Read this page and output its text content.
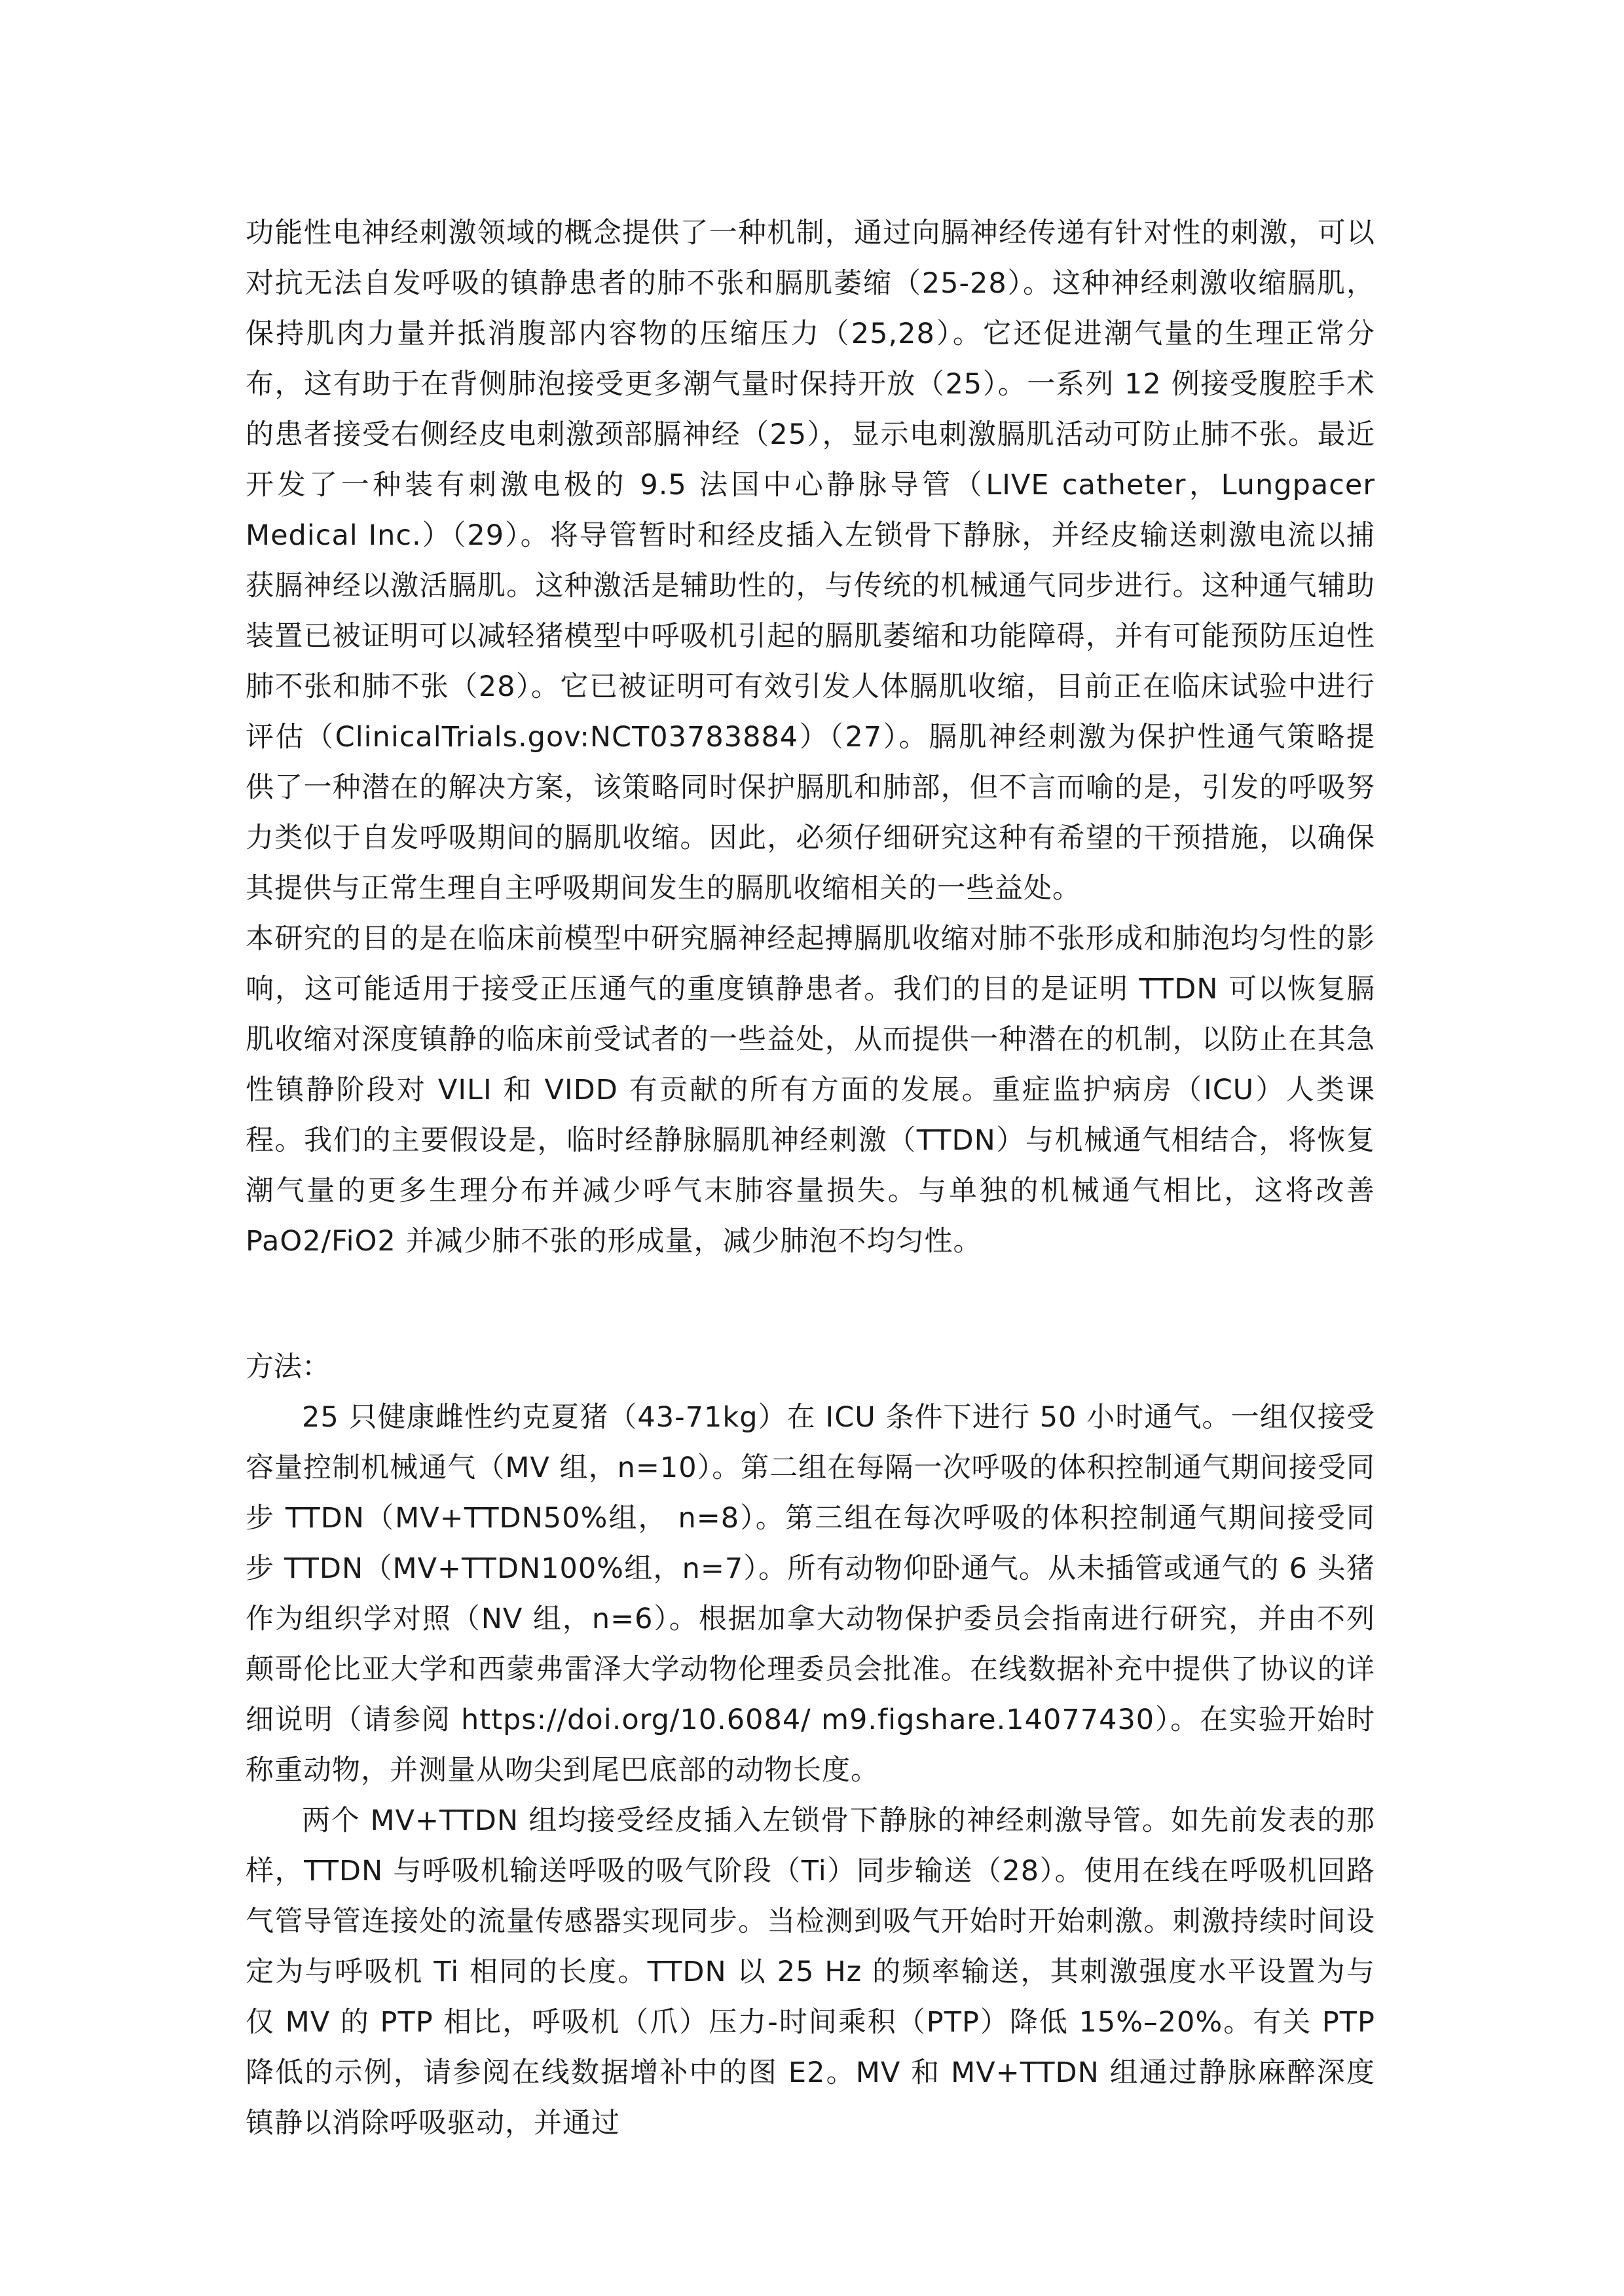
功能性电神经刺激领域的概念提供了一种机制，通过向膈神经传递有针对性的刺激，可以对抗无法自发呼吸的镇静患者的肺不张和膈肌萎缩（25-28）。这种神经刺激收缩膈肌，保持肌肉力量并抵消腹部内容物的压缩压力（25,28）。它还促进潮气量的生理正常分布，这有助于在背侧肺泡接受更多潮气量时保持开放（25）。一系列 12 例接受腹腔手术的患者接受右侧经皮电刺激颈部膈神经（25），显示电刺激膈肌活动可防止肺不张。最近开发了一种装有刺激电极的 9.5 法国中心静脉导管（LIVE catheter，Lungpacer Medical Inc.）（29）。将导管暂时和经皮插入左锁骨下静脉，并经皮输送刺激电流以捕获膈神经以激活膈肌。这种激活是辅助性的，与传统的机械通气同步进行。这种通气辅助装置已被证明可以减轻猪模型中呼吸机引起的膈肌萎缩和功能障碍，并有可能预防压迫性肺不张和肺不张（28）。它已被证明可有效引发人体膈肌收缩，目前正在临床试验中进行评估（ClinicalTrials.gov:NCT03783884）（27）。膈肌神经刺激为保护性通气策略提供了一种潜在的解决方案，该策略同时保护膈肌和肺部，但不言而喻的是，引发的呼吸努力类似于自发呼吸期间的膈肌收缩。因此，必须仔细研究这种有希望的干预措施，以确保其提供与正常生理自主呼吸期间发生的膈肌收缩相关的一些益处。

本研究的目的是在临床前模型中研究膈神经起搏膈肌收缩对肺不张形成和肺泡均匀性的影响，这可能适用于接受正压通气的重度镇静患者。我们的目的是证明 TTDN 可以恢复膈肌收缩对深度镇静的临床前受试者的一些益处，从而提供一种潜在的机制，以防止在其急性镇静阶段对 VILI 和 VIDD 有贡献的所有方面的发展。重症监护病房（ICU）人类课程。我们的主要假设是，临时经静脉膈肌神经刺激（TTDN）与机械通气相结合，将恢复潮气量的更多生理分布并减少呼气末肺容量损失。与单独的机械通气相比，这将改善 PaO2/FiO2 并减少肺不张的形成量，减少肺泡不均匀性。

方法：

25 只健康雌性约克夏猪（43-71kg）在 ICU 条件下进行 50 小时通气。一组仅接受容量控制机械通气（MV 组，n=10）。第二组在每隔一次呼吸的体积控制通气期间接受同步 TTDN（MV+TTDN50%组， n=8）。第三组在每次呼吸的体积控制通气期间接受同步 TTDN（MV+TTDN100%组，n=7）。所有动物仰卧通气。从未插管或通气的 6 头猪作为组织学对照（NV 组，n=6）。根据加拿大动物保护委员会指南进行研究，并由不列颠哥伦比亚大学和西蒙弗雷泽大学动物伦理委员会批准。在线数据补充中提供了协议的详细说明（请参阅 https://doi.org/10.6084/ m9.figshare.14077430）。在实验开始时称重动物，并测量从吻尖到尾巴底部的动物长度。

两个 MV+TTDN 组均接受经皮插入左锁骨下静脉的神经刺激导管。如先前发表的那样，TTDN 与呼吸机输送呼吸的吸气阶段（Ti）同步输送（28）。使用在线在呼吸机回路气管导管连接处的流量传感器实现同步。当检测到吸气开始时开始刺激。刺激持续时间设定为与呼吸机 Ti 相同的长度。TTDN 以 25 Hz 的频率输送，其刺激强度水平设置为与仅 MV 的 PTP 相比，呼吸机（爪）压力-时间乘积（PTP）降低 15%–20%。有关 PTP 降低的示例，请参阅在线数据增补中的图 E2。MV 和 MV+TTDN 组通过静脉麻醉深度镇静以消除呼吸驱动，并通过
